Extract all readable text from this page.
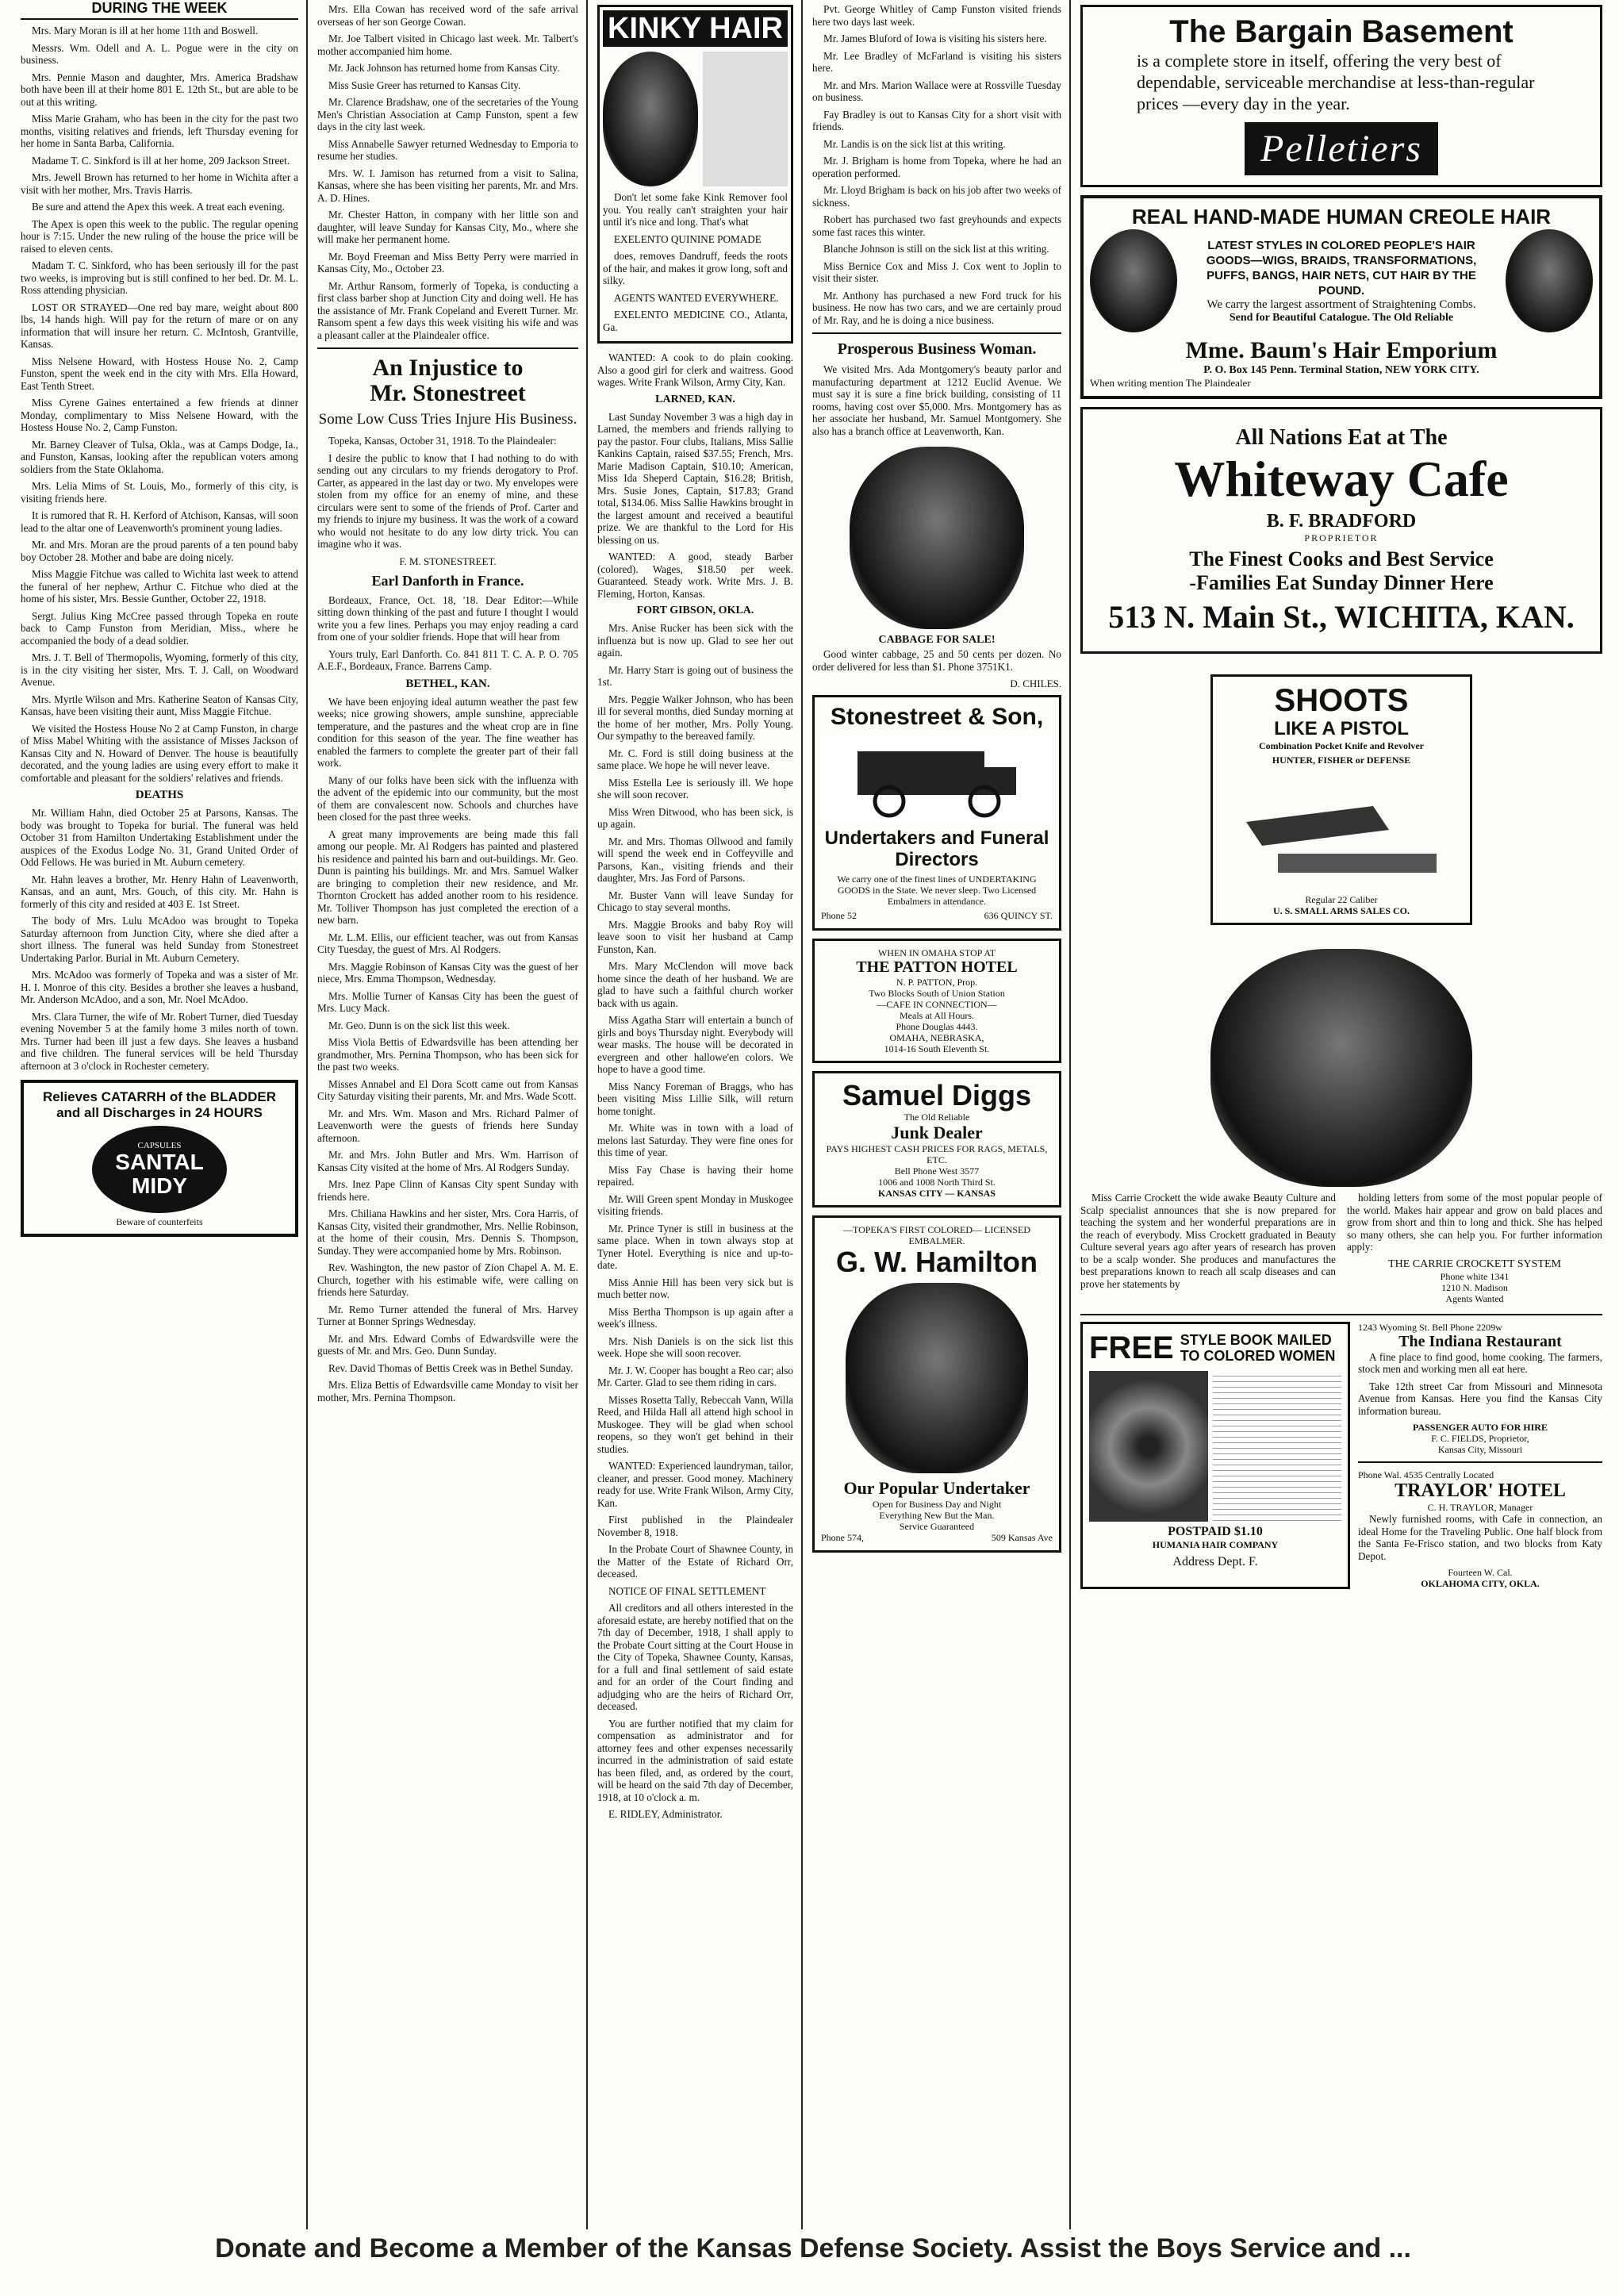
DURING THE WEEK

Mrs. Mary Moran is ill at her home 11th and Boswell.

Messrs. Wm. Odell and A. L. Pogue were in the city on business.

Mrs. Pennie Mason and daughter, Mrs. America Bradshaw both have been ill at their home 801 E. 12th St., but are able to be out at this writing.

Miss Marie Graham, who has been in the city for the past two months, visiting relatives and friends, left Thursday evening for her home in Santa Barba, California.

Madame T. C. Sinkford is ill at her home, 209 Jackson Street.

Mrs. Jewell Brown has returned to her home in Wichita after a visit with her mother, Mrs. Travis Harris.

Be sure and attend the Apex this week. A treat each evening.

The Apex is open this week to the public. The regular opening hour is 7:15. Under the new ruling of the house the price will be raised to eleven cents.

Madam T. C. Sinkford, who has been seriously ill for the past two weeks, is improving but is still confined to her bed. Dr. M. L. Ross attending physician.

LOST OR STRAYED—One red bay mare, weight about 800 lbs, 14 hands high. Will pay for the return of mare or on any information that will insure her return. C. McIntosh, Grantville, Kansas.

Miss Nelsene Howard, with Hostess House No. 2, Camp Funston, spent the week end in the city with Mrs. Ella Howard, East Tenth Street.

Miss Cyrene Gaines entertained a few friends at dinner Monday, complimentary to Miss Nelsene Howard, with the Hostess House No. 2, Camp Funston.

Mr. Barney Cleaver of Tulsa, Okla., was at Camps Dodge, Ia., and Funston, Kansas, looking after the republican voters among soldiers from the State Oklahoma.

Mrs. Lelia Mims of St. Louis, Mo., formerly of this city, is visiting friends here.

It is rumored that R. H. Kerford of Atchison, Kansas, will soon lead to the altar one of Leavenworth's prominent young ladies.

Mr. and Mrs. Moran are the proud parents of a ten pound baby boy October 28. Mother and babe are doing nicely.

Miss Maggie Fitchue was called to Wichita last week to attend the funeral of her nephew, Arthur C. Fitchue who died at the home of his sister, Mrs. Bessie Gunther, October 22, 1918.

Sergt. Julius King McCree passed through Topeka en route back to Camp Funston from Meridian, Miss., where he accompanied the body of a dead soldier.

Mrs. J. T. Bell of Thermopolis, Wyoming, formerly of this city, is in the city visiting her sister, Mrs. T. J. Call, on Woodward Avenue.

Mrs. Myrtle Wilson and Mrs. Katherine Seaton of Kansas City, Kansas, have been visiting their aunt, Miss Maggie Fitchue.

We visited the Hostess House No 2 at Camp Funston, in charge of Miss Mabel Whiting with the assistance of Misses Jackson of Kansas City and N. Howard of Denver. The house is beautifully decorated, and the young ladies are using every effort to make it comfortable and pleasant for the soldiers' relatives and friends.

DEATHS

Mr. William Hahn, died October 25 at Parsons, Kansas. The body was brought to Topeka for burial. The funeral was held October 31 from Hamilton Undertaking Establishment under the auspices of the Exodus Lodge No. 31, Grand United Order of Odd Fellows. He was buried in Mt. Auburn cemetery.

Mr. Hahn leaves a brother, Mr. Henry Hahn of Leavenworth, Kansas, and an aunt, Mrs. Gouch, of this city. Mr. Hahn is formerly of this city and resided at 403 E. 1st Street.

The body of Mrs. Lulu McAdoo was brought to Topeka Saturday afternoon from Junction City, where she died after a short illness. The funeral was held Sunday from Stonestreet Undertaking Parlor. Burial in Mt. Auburn Cemetery.

Mrs. McAdoo was formerly of Topeka and was a sister of Mr. H. I. Monroe of this city. Besides a brother she leaves a husband, Mr. Anderson McAdoo, and a son, Mr. Noel McAdoo.

Mrs. Clara Turner, the wife of Mr. Robert Turner, died Tuesday evening November 5 at the family home 3 miles north of town. Mrs. Turner had been ill just a few days. She leaves a husband and five children. The funeral services will be held Thursday afternoon at 3 o'clock in Rochester cemetery.

Relieves CATARRH of the BLADDER and all Discharges in 24 HOURS
CAPSULES
SANTAL MIDY
Beware of counterfeits

Mrs. Ella Cowan has received word of the safe arrival overseas of her son George Cowan.

Mr. Joe Talbert visited in Chicago last week. Mr. Talbert's mother accompanied him home.

Mr. Jack Johnson has returned home from Kansas City.

Miss Susie Greer has returned to Kansas City.

Mr. Clarence Bradshaw, one of the secretaries of the Young Men's Christian Association at Camp Funston, spent a few days in the city last week.

Miss Annabelle Sawyer returned Wednesday to Emporia to resume her studies.

Mrs. W. I. Jamison has returned from a visit to Salina, Kansas, where she has been visiting her parents, Mr. and Mrs. A. D. Hines.

Mr. Chester Hatton, in company with her little son and daughter, will leave Sunday for Kansas City, Mo., where she will make her permanent home.

Mr. Boyd Freeman and Miss Betty Perry were married in Kansas City, Mo., October 23.

Mr. Arthur Ransom, formerly of Topeka, is conducting a first class barber shop at Junction City and doing well. He has the assistance of Mr. Frank Copeland and Everett Turner. Mr. Ransom spent a few days this week visiting his wife and was a pleasant caller at the Plaindealer office.

An Injustice to
Mr. Stonestreet
Some Low Cuss Tries Injure His Business.

Topeka, Kansas, October 31, 1918. To the Plaindealer:

I desire the public to know that I had nothing to do with sending out any circulars to my friends derogatory to Prof. Carter, as appeared in the last day or two. My envelopes were stolen from my office for an enemy of mine, and these circulars were sent to some of the friends of Prof. Carter and my friends to injure my business. It was the work of a coward who would not hesitate to do any low dirty trick. You can imagine who it was.

F. M. STONESTREET.
Earl Danforth in France.

Bordeaux, France, Oct. 18, '18. Dear Editor:—While sitting down thinking of the past and future I thought I would write you a few lines. Perhaps you may enjoy reading a card from one of your soldier friends. Hope that will hear from

Yours truly, Earl Danforth. Co. 841 811 T. C. A. P. O. 705 A.E.F., Bordeaux, France. Barrens Camp.

BETHEL, KAN.

We have been enjoying ideal autumn weather the past few weeks; nice growing showers, ample sunshine, appreciable temperature, and the pastures and the wheat crop are in fine condition for this season of the year. The fine weather has enabled the farmers to complete the greater part of their fall work.

Many of our folks have been sick with the influenza with the advent of the epidemic into our community, but the most of them are convalescent now. Schools and churches have been closed for the past three weeks.

A great many improvements are being made this fall among our people. Mr. Al Rodgers has painted and plastered his residence and painted his barn and out-buildings. Mr. Geo. Dunn is painting his buildings. Mr. and Mrs. Samuel Walker are bringing to completion their new residence, and Mr. Thornton Crockett has added another room to his residence. Mr. Tolliver Thompson has just completed the erection of a new barn.

Mr. L.M. Ellis, our efficient teacher, was out from Kansas City Tuesday, the guest of Mrs. Al Rodgers.

Mrs. Maggie Robinson of Kansas City was the guest of her niece, Mrs. Emma Thompson, Wednesday.

Mrs. Mollie Turner of Kansas City has been the guest of Mrs. Lucy Mack.

Mr. Geo. Dunn is on the sick list this week.

Miss Viola Bettis of Edwardsville has been attending her grandmother, Mrs. Pernina Thompson, who has been sick for the past two weeks.

Misses Annabel and El Dora Scott came out from Kansas City Saturday visiting their parents, Mr. and Mrs. Wade Scott.

Mr. and Mrs. Wm. Mason and Mrs. Richard Palmer of Leavenworth were the guests of friends here Sunday afternoon.

Mr. and Mrs. John Butler and Mrs. Wm. Harrison of Kansas City visited at the home of Mrs. Al Rodgers Sunday.

Mrs. Inez Pape Clinn of Kansas City spent Sunday with friends here.

Mrs. Chiliana Hawkins and her sister, Mrs. Cora Harris, of Kansas City, visited their grandmother, Mrs. Nellie Robinson, at the home of their cousin, Mrs. Dennis S. Thompson, Sunday. They were accompanied home by Mrs. Robinson.

Rev. Washington, the new pastor of Zion Chapel A. M. E. Church, together with his estimable wife, were calling on friends here Saturday.

Mr. Remo Turner attended the funeral of Mrs. Harvey Turner at Bonner Springs Wednesday.

Mr. and Mrs. Edward Combs of Edwardsville were the guests of Mr. and Mrs. Geo. Dunn Sunday.

Rev. David Thomas of Bettis Creek was in Bethel Sunday.

Mrs. Eliza Bettis of Edwardsville came Monday to visit her mother, Mrs. Pernina Thompson.

KINKY HAIR

Don't let some fake Kink Remover fool you. You really can't straighten your hair until it's nice and long. That's what

EXELENTO QUININE POMADE

does, removes Dandruff, feeds the roots of the hair, and makes it grow long, soft and silky.

AGENTS WANTED EVERYWHERE.

EXELENTO MEDICINE CO., Atlanta, Ga.

WANTED: A cook to do plain cooking. Also a good girl for clerk and waitress. Good wages. Write Frank Wilson, Army City, Kan.

LARNED, KAN.

Last Sunday November 3 was a high day in Larned, the members and friends rallying to pay the pastor. Four clubs, Italians, Miss Sallie Kankins Captain, raised $37.55; French, Mrs. Marie Madison Captain, $10.10; American, Miss Ida Sheperd Captain, $16.28; British, Mrs. Susie Jones, Captain, $17.83; Grand total, $134.06. Miss Sallie Hawkins brought in the largest amount and received a beautiful prize. We are thankful to the Lord for His blessing on us.

WANTED: A good, steady Barber (colored). Wages, $18.50 per week. Guaranteed. Steady work. Write Mrs. J. B. Fleming, Horton, Kansas.

FORT GIBSON, OKLA.

Mrs. Anise Rucker has been sick with the influenza but is now up. Glad to see her out again.

Mr. Harry Starr is going out of business the 1st.

Mrs. Peggie Walker Johnson, who has been ill for several months, died Sunday morning at the home of her mother, Mrs. Polly Young. Our sympathy to the bereaved family.

Mr. C. Ford is still doing business at the same place. We hope he will never leave.

Miss Estella Lee is seriously ill. We hope she will soon recover.

Miss Wren Ditwood, who has been sick, is up again.

Mr. and Mrs. Thomas Ollwood and family will spend the week end in Coffeyville and Parsons, Kan., visiting friends and their daughter, Mrs. Jas Ford of Parsons.

Mr. Buster Vann will leave Sunday for Chicago to stay several months.

Mrs. Maggie Brooks and baby Roy will leave soon to visit her husband at Camp Funston, Kan.

Mrs. Mary McClendon will move back home since the death of her husband. We are glad to have such a faithful church worker back with us again.

Miss Agatha Starr will entertain a bunch of girls and boys Thursday night. Everybody will wear masks. The house will be decorated in evergreen and other hallowe'en colors. We hope to have a good time.

Miss Nancy Foreman of Braggs, who has been visiting Miss Lillie Silk, will return home tonight.

Mr. White was in town with a load of melons last Saturday. They were fine ones for this time of year.

Miss Fay Chase is having their home repaired.

Mr. Will Green spent Monday in Muskogee visiting friends.

Mr. Prince Tyner is still in business at the same place. When in town always stop at Tyner Hotel. Everything is nice and up-to-date.

Miss Annie Hill has been very sick but is much better now.

Miss Bertha Thompson is up again after a week's illness.

Mrs. Nish Daniels is on the sick list this week. Hope she will soon recover.

Mr. J. W. Cooper has bought a Reo car; also Mr. Carter. Glad to see them riding in cars.

Misses Rosetta Tally, Rebeccah Vann, Willa Reed, and Hilda Hall all attend high school in Muskogee. They will be glad when school reopens, so they won't get behind in their studies.

WANTED: Experienced laundryman, tailor, cleaner, and presser. Good money. Machinery ready for use. Write Frank Wilson, Army City, Kan.

First published in the Plaindealer November 8, 1918.

In the Probate Court of Shawnee County, in the Matter of the Estate of Richard Orr, deceased.

NOTICE OF FINAL SETTLEMENT

All creditors and all others interested in the aforesaid estate, are hereby notified that on the 7th day of December, 1918, I shall apply to the Probate Court sitting at the Court House in the City of Topeka, Shawnee County, Kansas, for a full and final settlement of said estate and for an order of the Court finding and adjudging who are the heirs of Richard Orr, deceased.

You are further notified that my claim for compensation as administrator and for attorney fees and other expenses necessarily incurred in the administration of said estate has been filed, and, as ordered by the court, will be heard on the said 7th day of December, 1918, at 10 o'clock a. m.

E. RIDLEY, Administrator.

Pvt. George Whitley of Camp Funston visited friends here two days last week.

Mr. James Bluford of Iowa is visiting his sisters here.

Mr. Lee Bradley of McFarland is visiting his sisters here.

Mr. and Mrs. Marion Wallace were at Rossville Tuesday on business.

Fay Bradley is out to Kansas City for a short visit with friends.

Mr. Landis is on the sick list at this writing.

Mr. J. Brigham is home from Topeka, where he had an operation performed.

Mr. Lloyd Brigham is back on his job after two weeks of sickness.

Robert has purchased two fast greyhounds and expects some fast races this winter.

Blanche Johnson is still on the sick list at this writing.

Miss Bernice Cox and Miss J. Cox went to Joplin to visit their sister.

Mr. Anthony has purchased a new Ford truck for his business. He now has two cars, and we are certainly proud of Mr. Ray, and he is doing a nice business.

Prosperous Business Woman.

We visited Mrs. Ada Montgomery's beauty parlor and manufacturing department at 1212 Euclid Avenue. We must say it is sure a fine brick building, consisting of 11 rooms, having cost over $5,000. Mrs. Montgomery has as her associate her husband, Mr. Samuel Montgomery. She also has a branch office at Leavenworth, Kan.

CABBAGE FOR SALE!

Good winter cabbage, 25 and 50 cents per dozen. No order delivered for less than $1. Phone 3751K1.

D. CHILES.
Stonestreet & Son,
Undertakers and Funeral Directors
We carry one of the finest lines of UNDERTAKING GOODS in the State. We never sleep. Two Licensed Embalmers in attendance.
Phone 52	636 QUINCY ST.
WHEN IN OMAHA STOP AT
THE PATTON HOTEL
N. P. PATTON, Prop.
Two Blocks South of Union Station
—CAFE IN CONNECTION—
Meals at All Hours.
Phone Douglas 4443.
OMAHA, NEBRASKA,
1014-16 South Eleventh St.
Samuel Diggs
The Old Reliable
Junk Dealer
PAYS HIGHEST CASH PRICES FOR RAGS, METALS, ETC.
Bell Phone West 3577
1006 and 1008 North Third St.
KANSAS CITY — KANSAS
—TOPEKA'S FIRST COLORED— LICENSED EMBALMER.
G. W. Hamilton
Our Popular Undertaker
Open for Business Day and Night
Everything New But the Man.
Service Guaranteed
Phone 574,	509 Kansas Ave
The Bargain Basement
is a complete store in itself, offering the very best of dependable, serviceable merchandise at less-than-regular prices —every day in the year.
Pelletiers
REAL HAND-MADE HUMAN CREOLE HAIR
LATEST STYLES IN COLORED PEOPLE'S HAIR GOODS—WIGS, BRAIDS, TRANSFORMATIONS, PUFFS, BANGS, HAIR NETS, CUT HAIR BY THE POUND.
We carry the largest assortment of Straightening Combs.
Send for Beautiful Catalogue. The Old Reliable
Mme. Baum's Hair Emporium
P. O. Box 145 Penn. Terminal Station, NEW YORK CITY.
When writing mention The Plaindealer
All Nations Eat at The
Whiteway Cafe
B. F. BRADFORD
PROPRIETOR
The Finest Cooks and Best Service
-Families Eat Sunday Dinner Here
513 N. Main St., WICHITA, KAN.
SHOOTS
LIKE A PISTOL
Combination Pocket Knife and Revolver
HUNTER, FISHER or DEFENSE
Regular 22 Caliber
U. S. SMALL ARMS SALES CO.

Miss Carrie Crockett the wide awake Beauty Culture and Scalp specialist announces that she is now prepared for teaching the system and her wonderful preparations are in the reach of everybody. Miss Crockett graduated in Beauty Culture several years ago after years of research has proven to be a scalp wonder. She produces and manufactures the best preparations known to reach all scalp diseases and can prove her statements by

holding letters from some of the most popular people of the world. Makes hair appear and grow on bald places and grow from short and thin to long and thick. She has helped so many others, she can help you. For further information apply:

THE CARRIE CROCKETT SYSTEM
Phone white 1341
1210 N. Madison
Agents Wanted
FREE STYLE BOOK MAILED TO COLORED WOMEN
POSTPAID $1.10
HUMANIA HAIR COMPANY
Address Dept. F.
1243 Wyoming St. Bell Phone 2209w
The Indiana Restaurant

A fine place to find good, home cooking. The farmers, stock men and working men all eat here.

Take 12th street Car from Missouri and Minnesota Avenue from Kansas. Here you find the Kansas City information bureau.

PASSENGER AUTO FOR HIRE
F. C. FIELDS, Proprietor,
Kansas City, Missouri
Phone Wal. 4535 Centrally Located
TRAYLOR' HOTEL
C. H. TRAYLOR, Manager

Newly furnished rooms, with Cafe in connection, an ideal Home for the Traveling Public. One half block from the Santa Fe-Frisco station, and two blocks from Katy Depot.

Fourteen W. Cal.
OKLAHOMA CITY, OKLA.
Donate and Become a Member of the Kansas Defense Society. Assist the Boys Service and ...
